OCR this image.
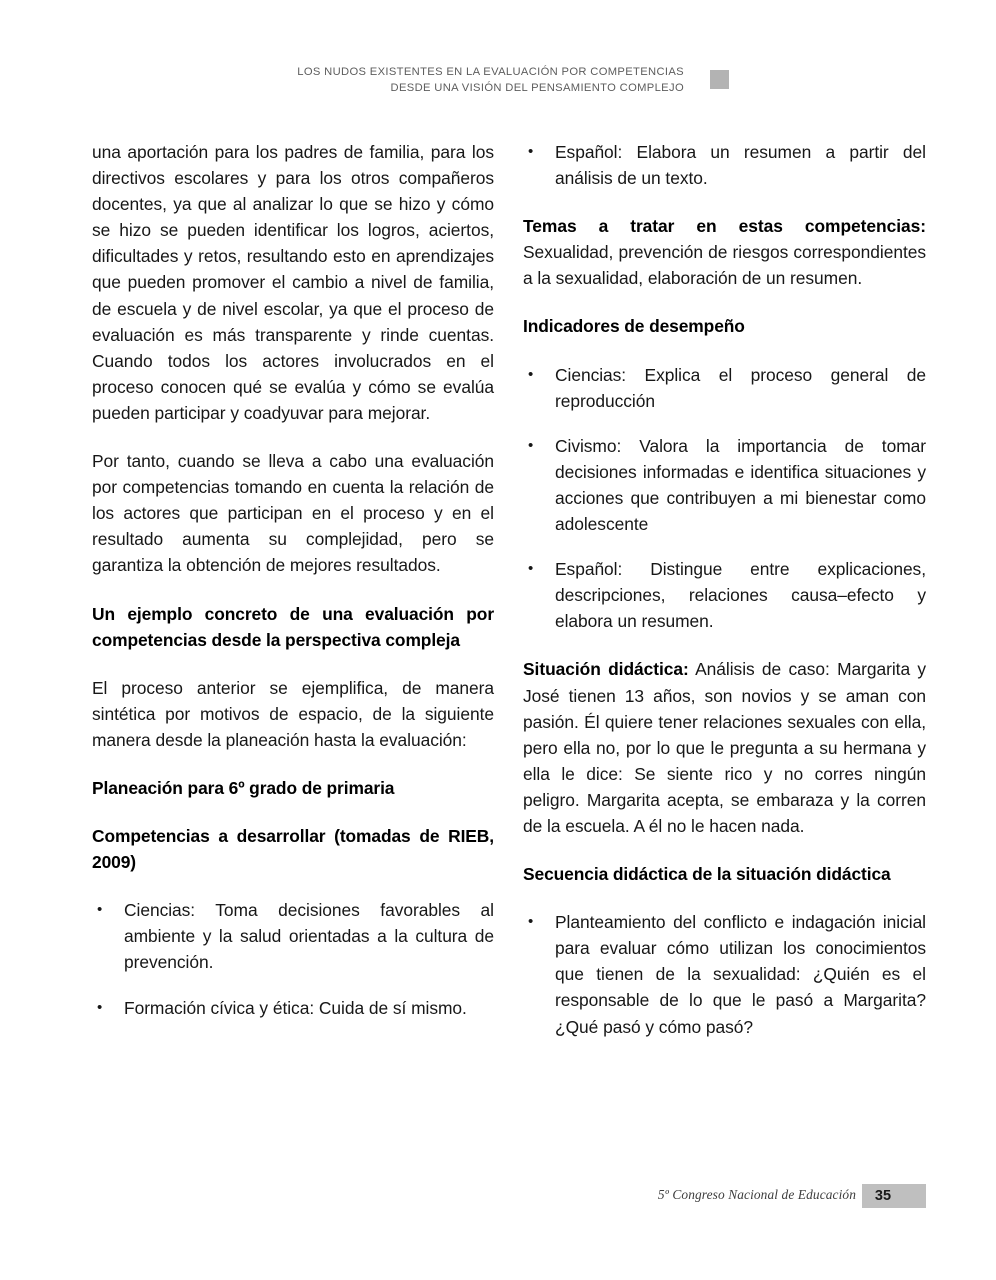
LOS NUDOS EXISTENTES EN LA EVALUACIÓN POR COMPETENCIAS
DESDE UNA VISIÓN DEL PENSAMIENTO COMPLEJO

una aportación para los padres de familia, para los directivos escolares y para los otros compañeros docentes, ya que al analizar lo que se hizo y cómo se hizo se pueden identificar los logros, aciertos, dificultades y retos, resultando esto en aprendizajes que pueden promover el cambio a nivel de familia, de escuela y de nivel escolar, ya que el proceso de evaluación es más transparente y rinde cuentas. Cuando todos los actores involucrados en el proceso conocen qué se evalúa y cómo se evalúa pueden participar y coadyuvar para mejorar.

Por tanto, cuando se lleva a cabo una evaluación por competencias tomando en cuenta la relación de los actores que participan en el proceso y en el resultado aumenta su complejidad, pero se garantiza la obtención de mejores resultados.

Un ejemplo concreto de una evaluación por competencias desde la perspectiva compleja

El proceso anterior se ejemplifica, de manera sintética por motivos de espacio, de la siguiente manera desde la planeación hasta la evaluación:

Planeación para 6º grado de primaria
Competencias a desarrollar (tomadas de RIEB, 2009)
• Ciencias: Toma decisiones favorables al ambiente y la salud orientadas a la cultura de prevención.
• Formación cívica y ética: Cuida de sí mismo.
• Español: Elabora un resumen a partir del análisis de un texto.

Temas a tratar en estas competencias: Sexualidad, prevención de riesgos correspondientes a la sexualidad, elaboración de un resumen.

Indicadores de desempeño
• Ciencias: Explica el proceso general de reproducción
• Civismo: Valora la importancia de tomar decisiones informadas e identifica situaciones y acciones que contribuyen a mi bienestar como adolescente
• Español: Distingue entre explicaciones, descripciones, relaciones causa–efecto y elabora un resumen.

Situación didáctica: Análisis de caso: Margarita y José tienen 13 años, son novios y se aman con pasión. Él quiere tener relaciones sexuales con ella, pero ella no, por lo que le pregunta a su hermana y ella le dice: Se siente rico y no corres ningún peligro. Margarita acepta, se embaraza y la corren de la escuela. A él no le hacen nada.

Secuencia didáctica de la situación didáctica
• Planteamiento del conflicto e indagación inicial para evaluar cómo utilizan los conocimientos que tienen de la sexualidad: ¿Quién es el responsable de lo que le pasó a Margarita? ¿Qué pasó y cómo pasó?
5º Congreso Nacional de Educación	35
